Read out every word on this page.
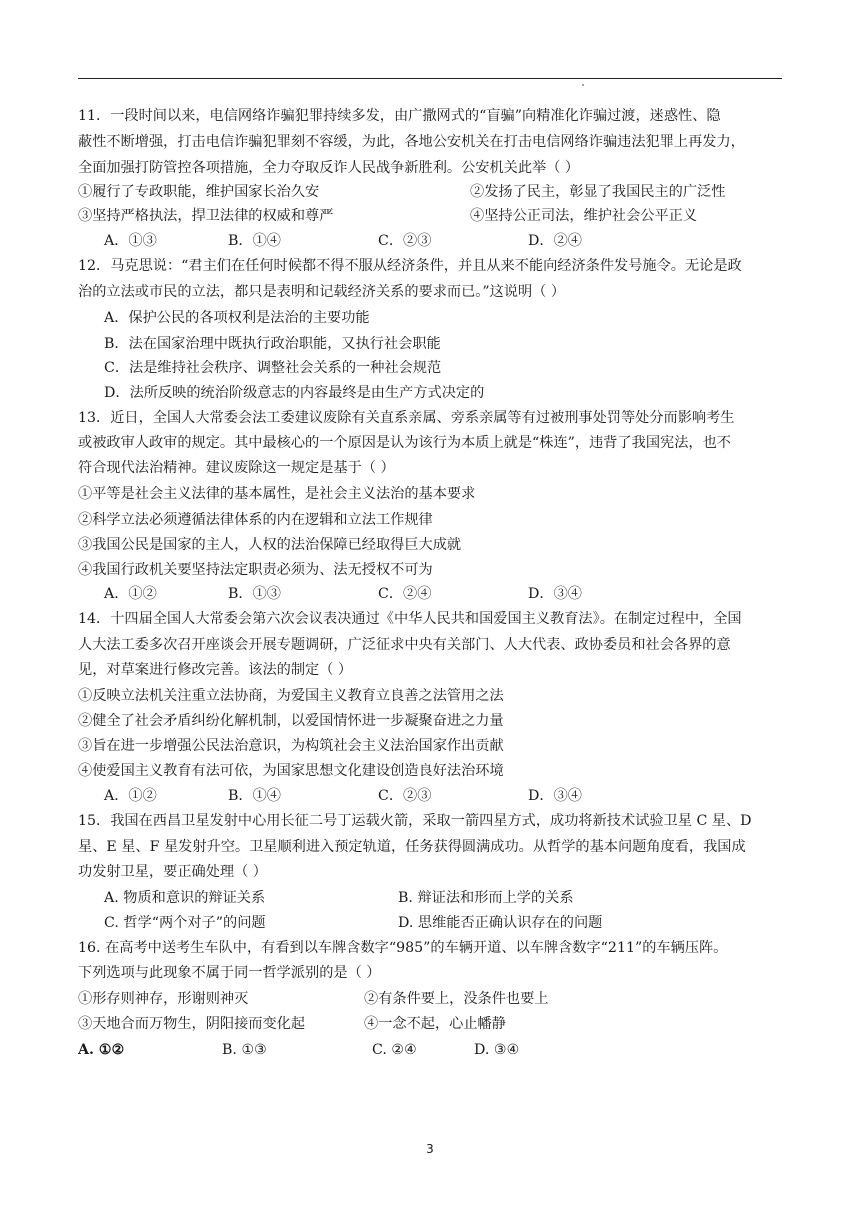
11．一段时间以来，电信网络诈骗犯罪持续多发，由广撒网式的“盲骗”向精准化诈骗过渡，迷惑性、隐
蔽性不断增强，打击电信诈骗犯罪刻不容缓，为此，各地公安机关在打击电信网络诈骗违法犯罪上再发力，
全面加强打防管控各项措施，全力夺取反诈人民战争新胜利。公安机关此举（ ）
①履行了专政职能，维护国家长治久安	②发扬了民主，彰显了我国民主的广泛性
③坚持严格执法，捍卫法律的权威和尊严	④坚持公正司法，维护社会公平正义
A．①③	B．①④	C．②③	D．②④
12．马克思说：“君主们在任何时候都不得不服从经济条件，并且从来不能向经济条件发号施令。无论是政
治的立法或市民的立法，都只是表明和记载经济关系的要求而已。”这说明（ ）
A．保护公民的各项权利是法治的主要功能
B．法在国家治理中既执行政治职能，又执行社会职能
C．法是维持社会秩序、调整社会关系的一种社会规范
D．法所反映的统治阶级意志的内容最终是由生产方式决定的
13．近日，全国人大常委会法工委建议废除有关直系亲属、旁系亲属等有过被刑事处罚等处分而影响考生
或被政审人政审的规定。其中最核心的一个原因是认为该行为本质上就是“株连”，违背了我国宪法，也不
符合现代法治精神。建议废除这一规定是基于（ ）
①平等是社会主义法律的基本属性，是社会主义法治的基本要求
②科学立法必须遵循法律体系的内在逻辑和立法工作规律
③我国公民是国家的主人，人权的法治保障已经取得巨大成就
④我国行政机关要坚持法定职责必须为、法无授权不可为
A．①②	B．①③	C．②④	D．③④
14．十四届全国人大常委会第六次会议表决通过《中华人民共和国爱国主义教育法》。在制定过程中，全国
人大法工委多次召开座谈会开展专题调研，广泛征求中央有关部门、人大代表、政协委员和社会各界的意
见，对草案进行修改完善。该法的制定（ ）
①反映立法机关注重立法协商，为爱国主义教育立良善之法管用之法
②健全了社会矛盾纠纷化解机制，以爱国情怀进一步凝聚奋进之力量
③旨在进一步增强公民法治意识，为构筑社会主义法治国家作出贡献
④使爱国主义教育有法可依，为国家思想文化建设创造良好法治环境
A．①②	B．①④	C．②③	D．③④
15．我国在西昌卫星发射中心用长征二号丁运载火箭，采取一箭四星方式，成功将新技术试验卫星 C 星、D
星、E 星、F 星发射升空。卫星顺利进入预定轨道，任务获得圆满成功。从哲学的基本问题角度看，我国成
功发射卫星，要正确处理（ ）
A. 物质和意识的辩证关系	B. 辩证法和形而上学的关系
C. 哲学“两个对子”的问题	D. 思维能否正确认识存在的问题
16. 在高考中送考生车队中，有看到以车牌含数字“985”的车辆开道、以车牌含数字“211”的车辆压阵。
下列选项与此现象不属于同一哲学派别的是（ ）
①形存则神存，形谢则神灭	②有条件要上，没条件也要上
③天地合而万物生，阴阳接而变化起	④一念不起，心止幡静
A. ①②	B. ①③	C. ②④	D. ③④
3
